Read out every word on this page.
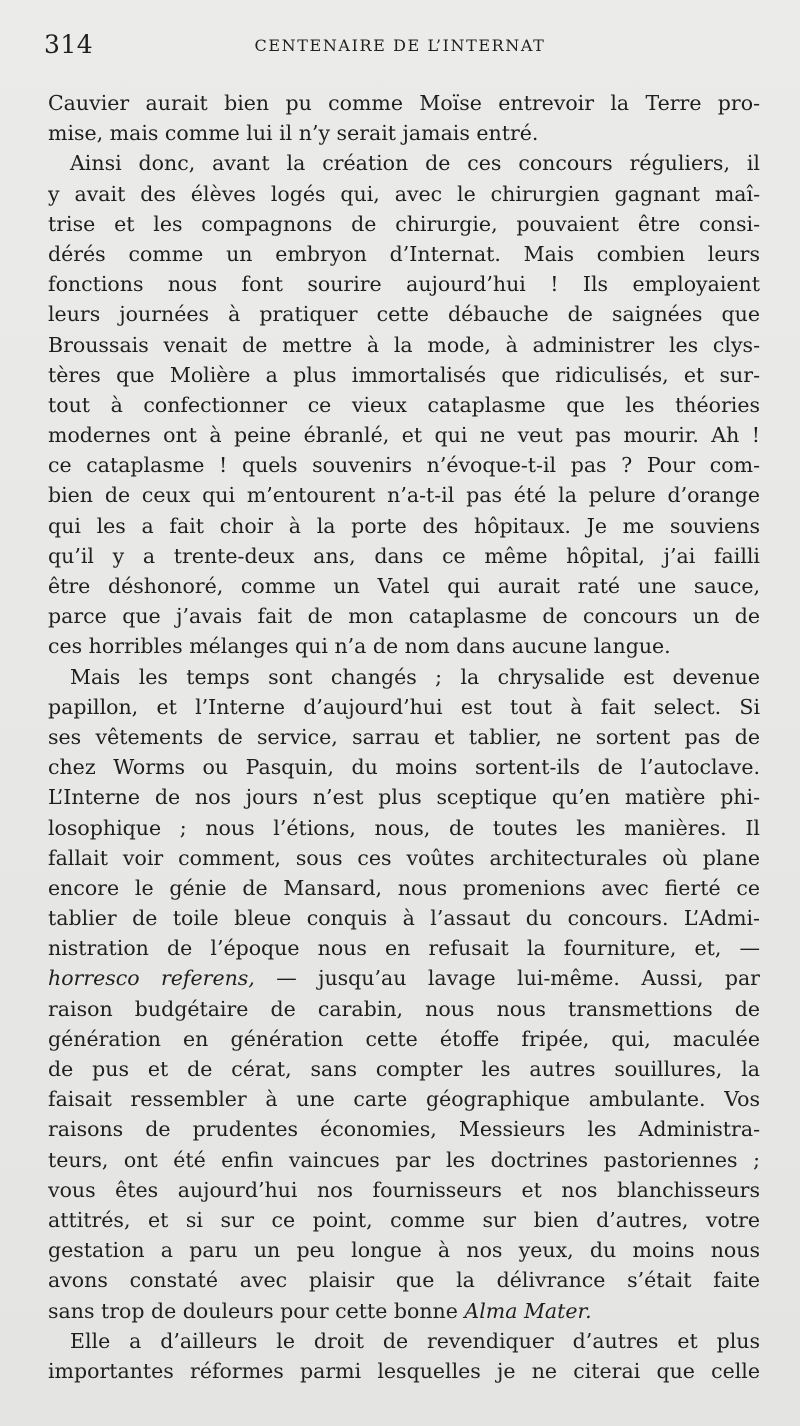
314	CENTENAIRE DE L’INTERNAT
Cauvier aurait bien pu comme Moïse entrevoir la Terre pro-
mise, mais comme lui il n’y serait jamais entré.
Ainsi donc, avant la création de ces concours réguliers, il
y avait des élèves logés qui, avec le chirurgien gagnant maî-
trise et les compagnons de chirurgie, pouvaient être consi-
dérés comme un embryon d’Internat. Mais combien leurs
fonctions nous font sourire aujourd’hui ! Ils employaient
leurs journées à pratiquer cette débauche de saignées que
Broussais venait de mettre à la mode, à administrer les clys-
tères que Molière a plus immortalisés que ridiculisés, et sur-
tout à confectionner ce vieux cataplasme que les théories
modernes ont à peine ébranlé, et qui ne veut pas mourir. Ah !
ce cataplasme ! quels souvenirs n’évoque-t-il pas ? Pour com-
bien de ceux qui m’entourent n’a-t-il pas été la pelure d’orange
qui les a fait choir à la porte des hôpitaux. Je me souviens
qu’il y a trente-deux ans, dans ce même hôpital, j’ai failli
être déshonoré, comme un Vatel qui aurait raté une sauce,
parce que j’avais fait de mon cataplasme de concours un de
ces horribles mélanges qui n’a de nom dans aucune langue.
Mais les temps sont changés ; la chrysalide est devenue
papillon, et l’Interne d’aujourd’hui est tout à fait select. Si
ses vêtements de service, sarrau et tablier, ne sortent pas de
chez Worms ou Pasquin, du moins sortent-ils de l’autoclave.
L’Interne de nos jours n’est plus sceptique qu’en matière phi-
losophique ; nous l’étions, nous, de toutes les manières. Il
fallait voir comment, sous ces voûtes architecturales où plane
encore le génie de Mansard, nous promenions avec fierté ce
tablier de toile bleue conquis à l’assaut du concours. L’Admi-
nistration de l’époque nous en refusait la fourniture, et, —
horresco referens, — jusqu’au lavage lui-même. Aussi, par
raison budgétaire de carabin, nous nous transmettions de
génération en génération cette étoffe fripée, qui, maculée
de pus et de cérat, sans compter les autres souillures, la
faisait ressembler à une carte géographique ambulante. Vos
raisons de prudentes économies, Messieurs les Administra-
teurs, ont été enfin vaincues par les doctrines pastoriennes ;
vous êtes aujourd’hui nos fournisseurs et nos blanchisseurs
attitrés, et si sur ce point, comme sur bien d’autres, votre
gestation a paru un peu longue à nos yeux, du moins nous
avons constaté avec plaisir que la délivrance s’était faite
sans trop de douleurs pour cette bonne Alma Mater.
Elle a d’ailleurs le droit de revendiquer d’autres et plus
importantes réformes parmi lesquelles je ne citerai que celle
